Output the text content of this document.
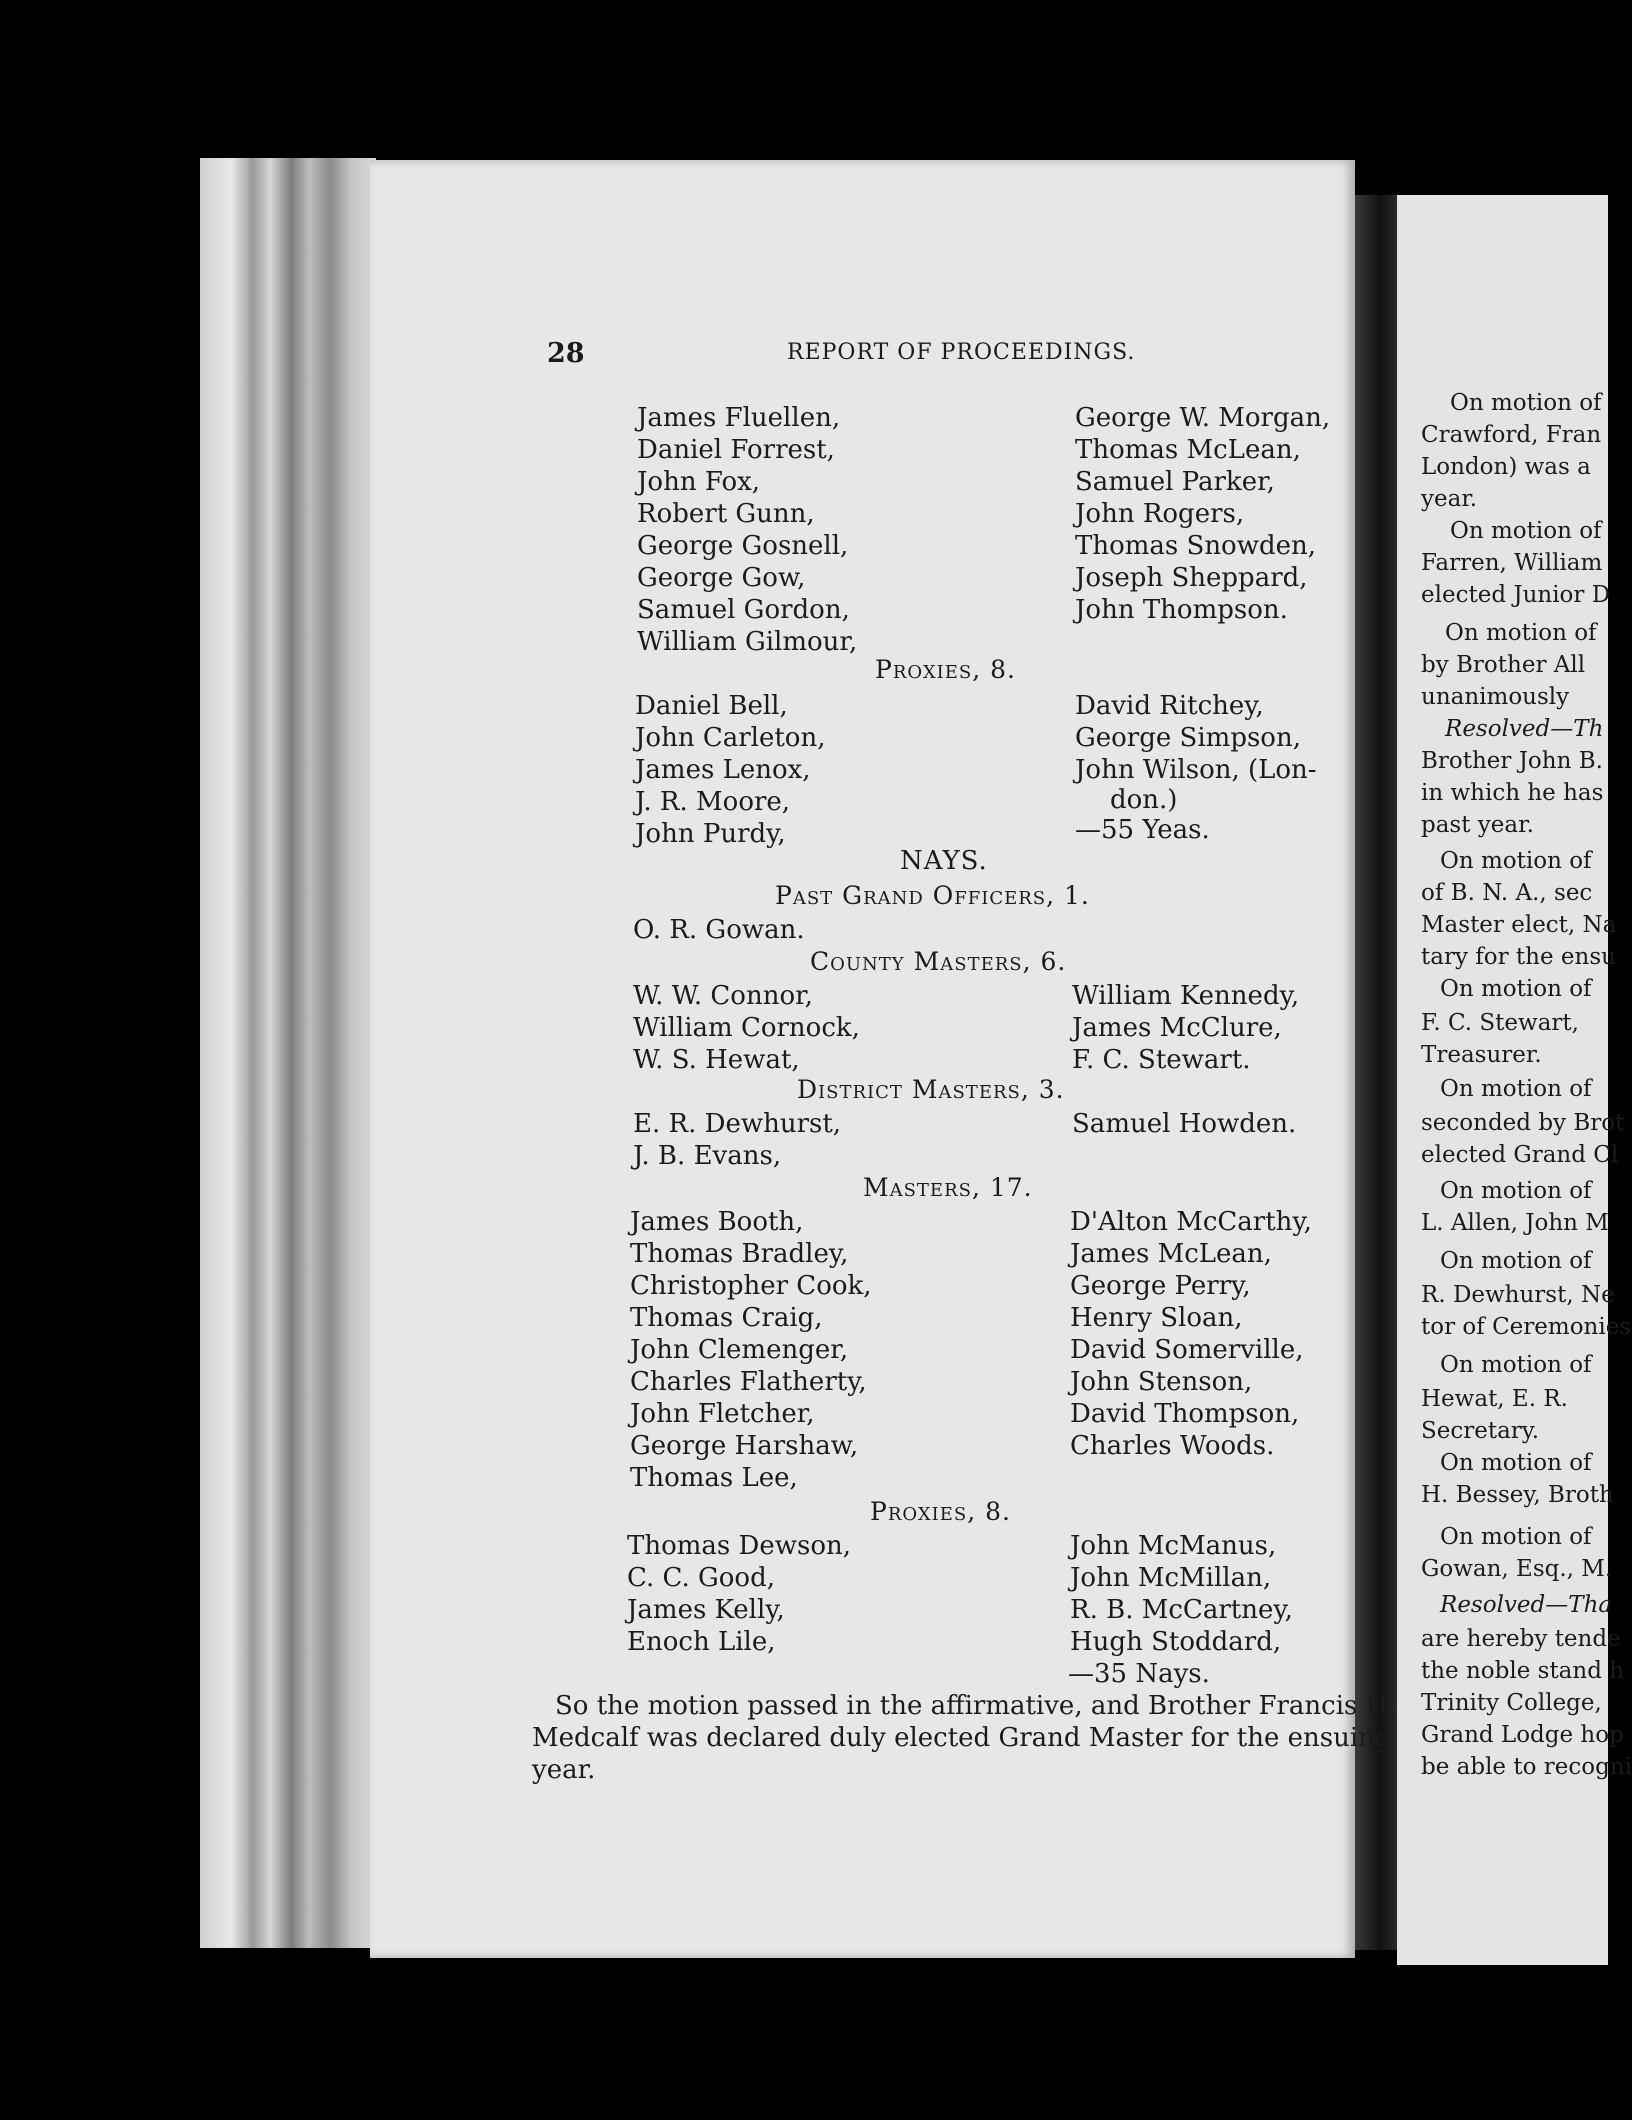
28	REPORT OF PROCEEDINGS.
James Fluellen,
Daniel Forrest,
John Fox,
Robert Gunn,
George Gosnell,
George Gow,
Samuel Gordon,
William Gilmour,
George W. Morgan,
Thomas McLean,
Samuel Parker,
John Rogers,
Thomas Snowden,
Joseph Sheppard,
John Thompson.
Proxies, 8.
Daniel Bell,
John Carleton,
James Lenox,
J. R. Moore,
John Purdy,
David Ritchey,
George Simpson,
John Wilson, (Lon-
don.)
—55 Yeas.
NAYS.
Past Grand Officers, 1.
O. R. Gowan.
County Masters, 6.
W. W. Connor,
William Cornock,
W. S. Hewat,
William Kennedy,
James McClure,
F. C. Stewart.
District Masters, 3.
E. R. Dewhurst,
J. B. Evans,
Samuel Howden.
Masters, 17.
James Booth,
Thomas Bradley,
Christopher Cook,
Thomas Craig,
John Clemenger,
Charles Flatherty,
John Fletcher,
George Harshaw,
Thomas Lee,
D'Alton McCarthy,
James McLean,
George Perry,
Henry Sloan,
David Somerville,
John Stenson,
David Thompson,
Charles Woods.
Proxies, 8.
Thomas Dewson,
C. C. Good,
James Kelly,
Enoch Lile,
John McManus,
John McMillan,
R. B. McCartney,
Hugh Stoddard,
—35 Nays.
So the motion passed in the affirmative, and Brother Francis H.
Medcalf was declared duly elected Grand Master for the ensuing
year.
On motion of
Crawford, Fran
London) was a
year.
On motion of
Farren, William
elected Junior D
On motion of
by Brother All
unanimously
Resolved—Th
Brother John B.
in which he has
past year.
On motion of
of B. N. A., sec
Master elect, Na
tary for the ensu
On motion of
F. C. Stewart,
Treasurer.
On motion of
seconded by Brot
elected Grand Cl
On motion of
L. Allen, John M
On motion of
R. Dewhurst, Ne
tor of Ceremonies
On motion of
Hewat, E. R.
Secretary.
On motion of
H. Bessey, Broth
On motion of
Gowan, Esq., M.
Resolved—Tha
are hereby tende
the noble stand h
Trinity College,
Grand Lodge hop
be able to recogni
